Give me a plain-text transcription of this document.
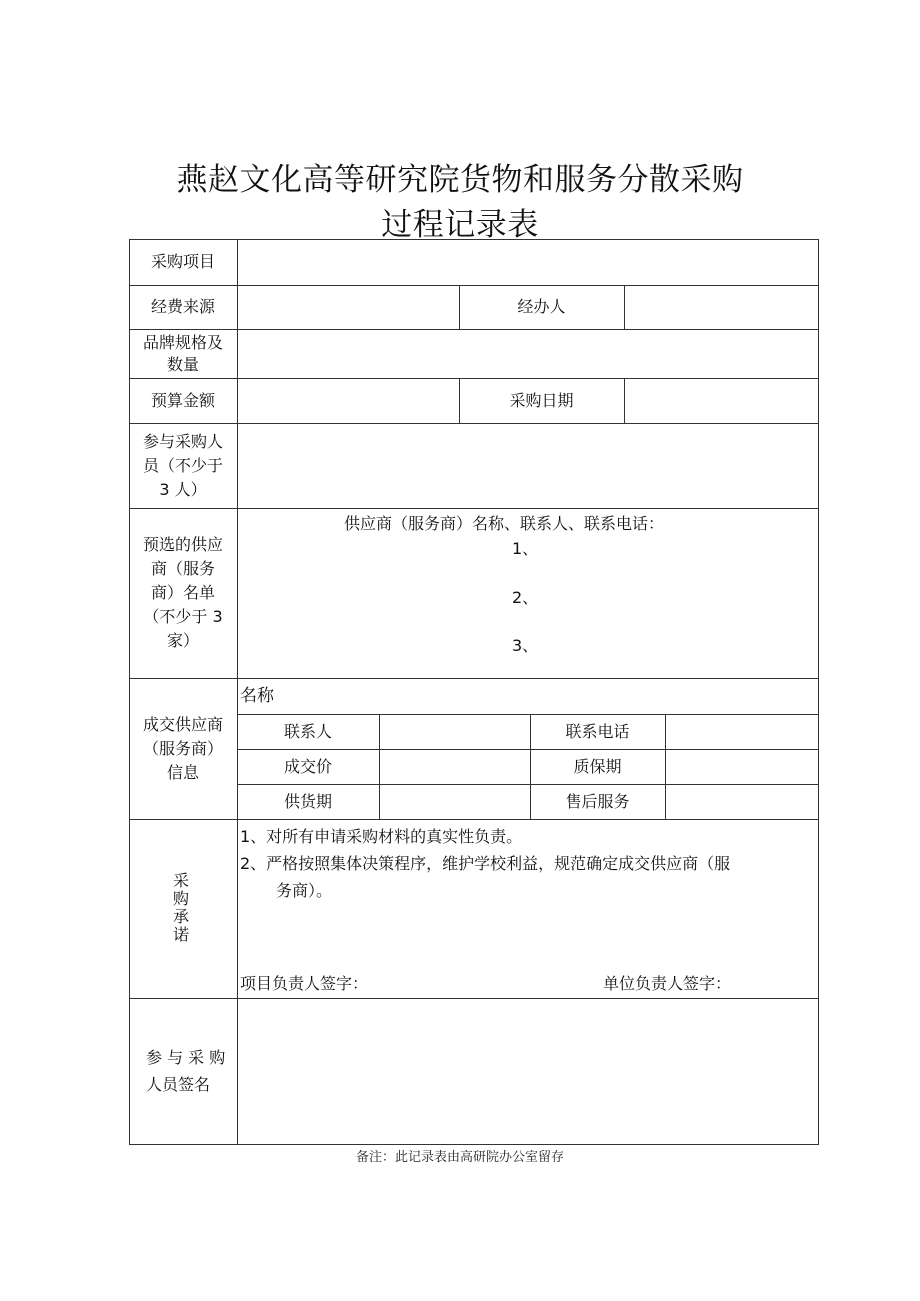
燕赵文化高等研究院货物和服务分散采购
过程记录表
采购项目
经费来源	经办人
品牌规格及
数量
预算金额	采购日期
参与采购人
员（不少于
3 人）
预选的供应
商（服务
商）名单
（不少于 3
家）
供应商（服务商）名称、联系人、联系电话：
1、
2、
3、
成交供应商
（服务商）
信息
名称
联系人	联系电话
成交价	质保期
供货期	售后服务
采
购
承
诺
1、对所有申请采购材料的真实性负责。
2、严格按照集体决策程序，维护学校利益，规范确定成交供应商（服
务商）。
项目负责人签字：	单位负责人签字：
参 与 采 购
人员签名
备注：此记录表由高研院办公室留存
